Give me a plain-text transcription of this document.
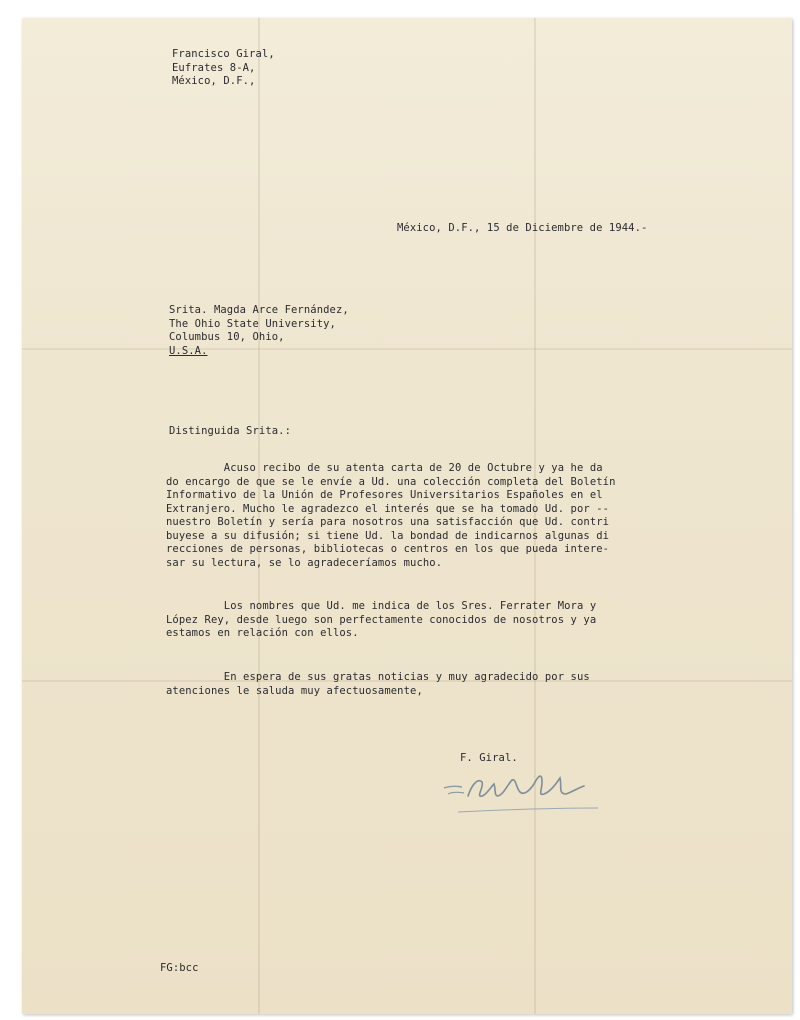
Francisco Giral,
Eufrates 8-A,
México, D.F.,
México, D.F., 15 de Diciembre de 1944.-
Srita. Magda Arce Fernández,
The Ohio State University,
Columbus 10, Ohio,
U.S.A.
Distinguida Srita.:
Acuso recibo de su atenta carta de 20 de Octubre y ya he da
do encargo de que se le envíe a Ud. una colección completa del Boletín
Informativo de la Unión de Profesores Universitarios Españoles en el
Extranjero. Mucho le agradezco el interés que se ha tomado Ud. por --
nuestro Boletín y sería para nosotros una satisfacción que Ud. contri
buyese a su difusión; si tiene Ud. la bondad de indicarnos algunas di
recciones de personas, bibliotecas o centros en los que pueda intere-
sar su lectura, se lo agradeceríamos mucho.
Los nombres que Ud. me indica de los Sres. Ferrater Mora y
López Rey, desde luego son perfectamente conocidos de nosotros y ya
estamos en relación con ellos.
En espera de sus gratas noticias y muy agradecido por sus
atenciones le saluda muy afectuosamente,
F. Giral.
FG:bcc
